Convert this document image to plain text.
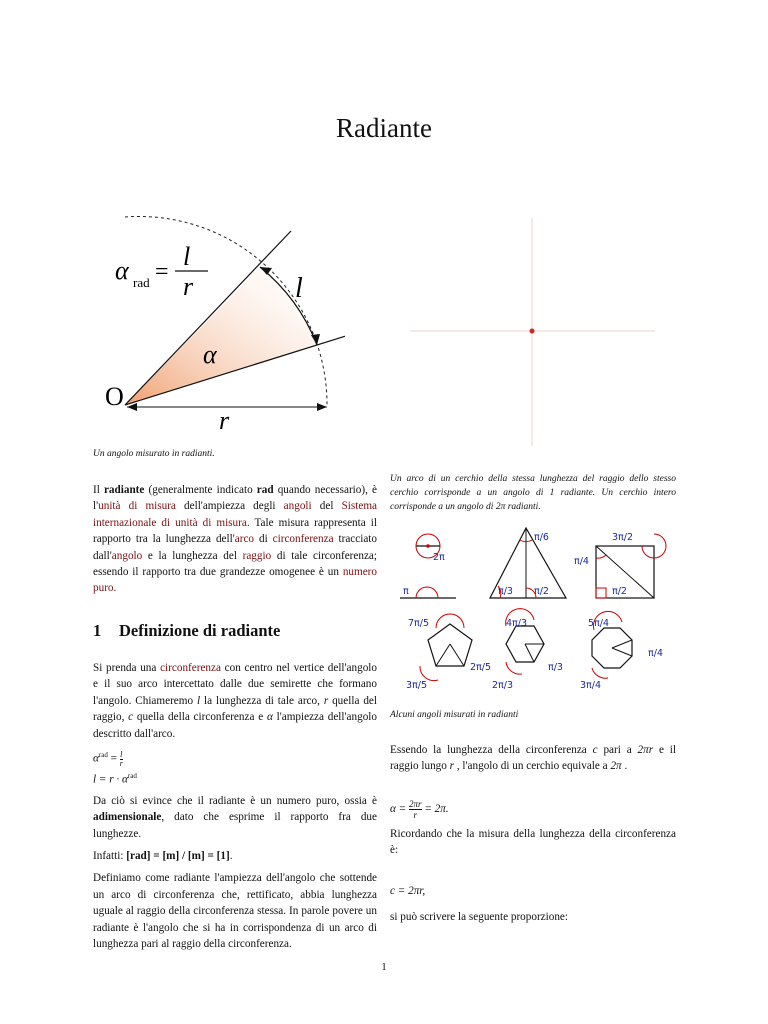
Radiante
α rad =
l
r	l
α
O
r
Un angolo misurato in radianti.
Un arco di un cerchio della stessa lunghezza del raggio dello stesso cerchio corrisponde a un angolo di 1 radiante. Un cerchio intero corrisponde a un angolo di 2π radianti.
2π
π
π/6
π/3 π/2
3π/2
π/4
π/2
7π/5
2π/5
3π/5
4π/3
π/3
2π/3
5π/4
π/4
3π/4
Alcuni angoli misurati in radianti

Il radiante (generalmente indicato rad quando necessario), è l'unità di misura dell'ampiezza degli angoli del Sistema internazionale di unità di misura. Tale misura rappresenta il rapporto tra la lunghezza dell'arco di circonferenza tracciato dall'angolo e la lunghezza del raggio di tale circonferenza; essendo il rapporto tra due grandezze omogenee è un numero puro.

1 Definizione di radiante

Si prenda una circonferenza con centro nel vertice dell'angolo e il suo arco intercettato dalle due semirette che formano l'angolo. Chiameremo l la lunghezza di tale arco, r quella del raggio, c quella della circonferenza e α l'ampiezza dell'angolo descritto dall'arco.

$\alpha^{rad} = \frac{l}{r}$

$l = r \cdot \alpha^{rad}$

Da ciò si evince che il radiante è un numero puro, ossia è adimensionale, dato che esprime il rapporto fra due lunghezze.

Infatti: [rad] = [m] / [m] = [1].

Definiamo come radiante l'ampiezza dell'angolo che sottende un arco di circonferenza che, rettificato, abbia lunghezza uguale al raggio della circonferenza stessa. In parole povere un radiante è l'angolo che si ha in corrispondenza di un arco di lunghezza pari al raggio della circonferenza.

Essendo la lunghezza della circonferenza c pari a 2πr e il raggio lungo r , l'angolo di un cerchio equivale a 2π .

$\alpha = \frac{2\pi r}{r} = 2\pi$.

Ricordando che la misura della lunghezza della circonferenza è:

c = 2πr,

si può scrivere la seguente proporzione:

1
